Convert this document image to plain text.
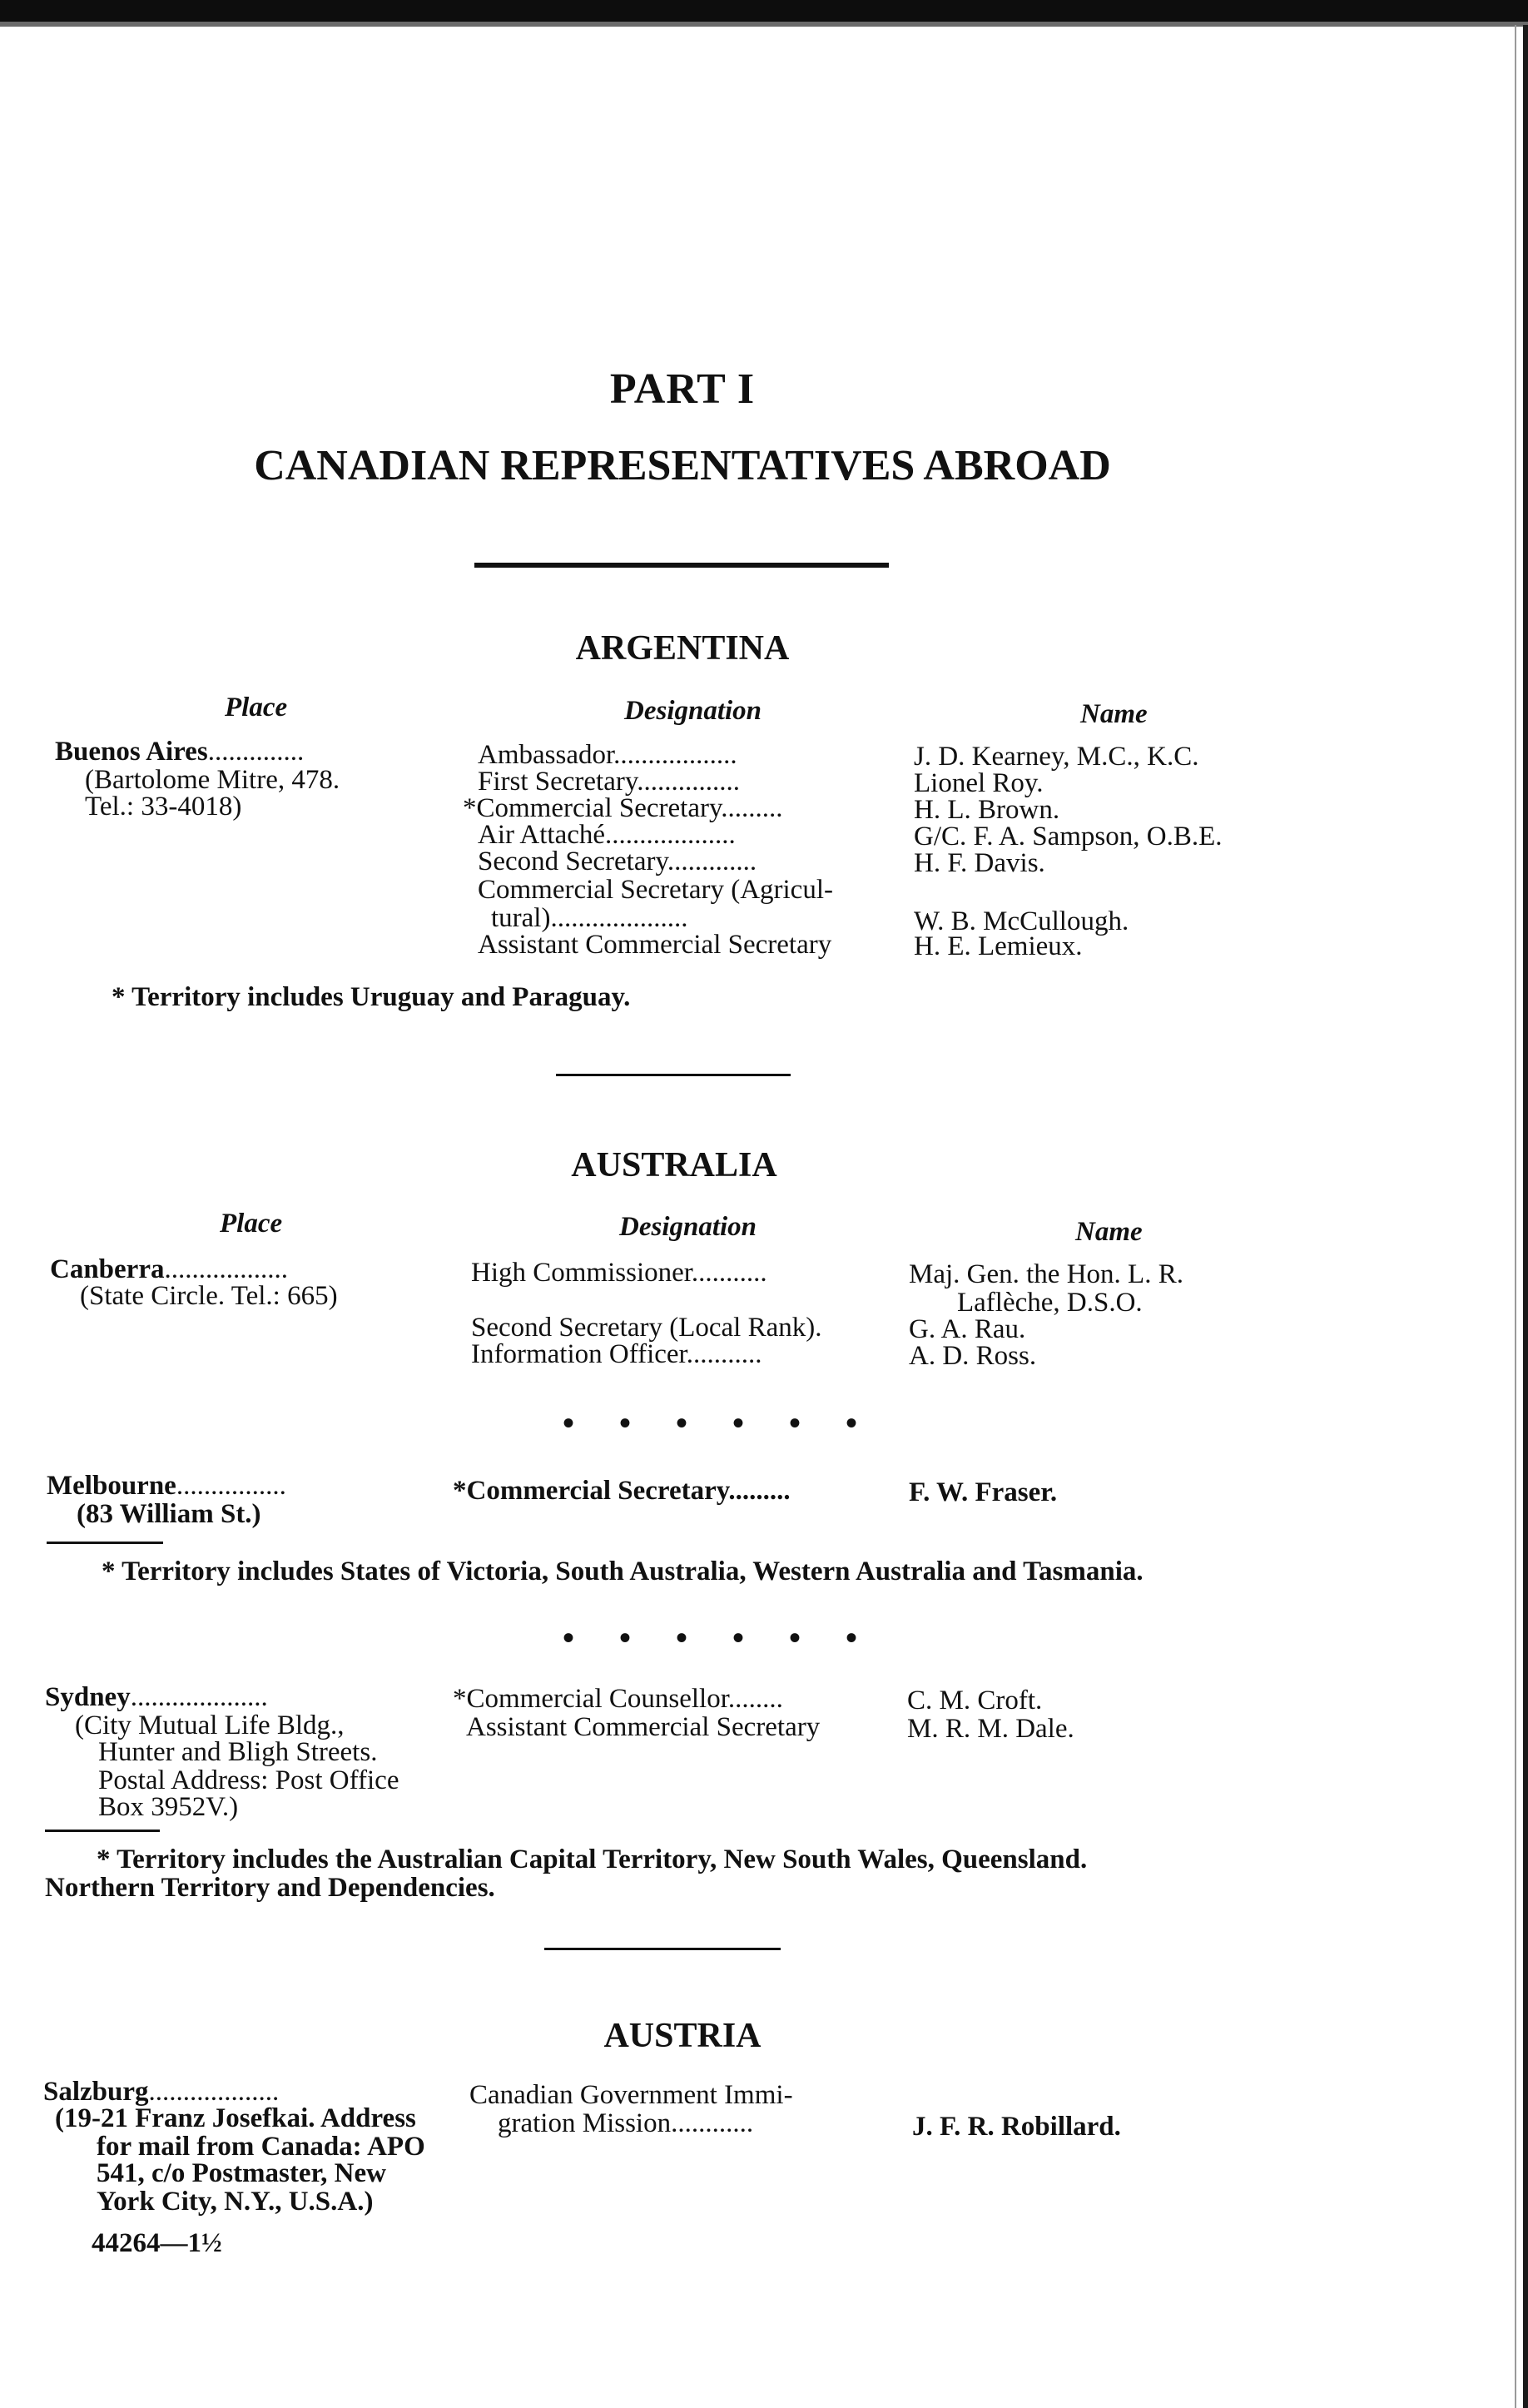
PART I
CANADIAN REPRESENTATIVES ABROAD
ARGENTINA
Place	Designation	Name
Buenos Aires..............
(Bartolome Mitre, 478.
Tel.: 33-4018)
Ambassador..................	J. D. Kearney, M.C., K.C.
First Secretary...............	Lionel Roy.
*Commercial Secretary.........	H. L. Brown.
Air Attaché...................	G/C. F. A. Sampson, O.B.E.
Second Secretary.............	H. F. Davis.
Commercial Secretary (Agricul-
tural)....................	W. B. McCullough.
Assistant Commercial Secretary	H. E. Lemieux.
* Territory includes Uruguay and Paraguay.
AUSTRALIA
Place	Designation	Name
Canberra..................
(State Circle. Tel.: 665)
High Commissioner...........	Maj. Gen. the Hon. L. R.
Laflèche, D.S.O.
Second Secretary (Local Rank).	G. A. Rau.
Information Officer...........	A. D. Ross.
• • • • • •
Melbourne................
(83 William St.)
*Commercial Secretary.........	F. W. Fraser.
* Territory includes States of Victoria, South Australia, Western Australia and Tasmania.
• • • • • •
Sydney....................
(City Mutual Life Bldg.,
Hunter and Bligh Streets.
Postal Address: Post Office
Box 3952V.)
*Commercial Counsellor........	C. M. Croft.
Assistant Commercial Secretary	M. R. M. Dale.
* Territory includes the Australian Capital Territory, New South Wales, Queensland.
Northern Territory and Dependencies.
AUSTRIA
Salzburg...................
(19-21 Franz Josefkai. Address
for mail from Canada: APO
541, c/o Postmaster, New
York City, N.Y., U.S.A.)
Canadian Government Immi-
gration Mission............	J. F. R. Robillard.
44264—1½
